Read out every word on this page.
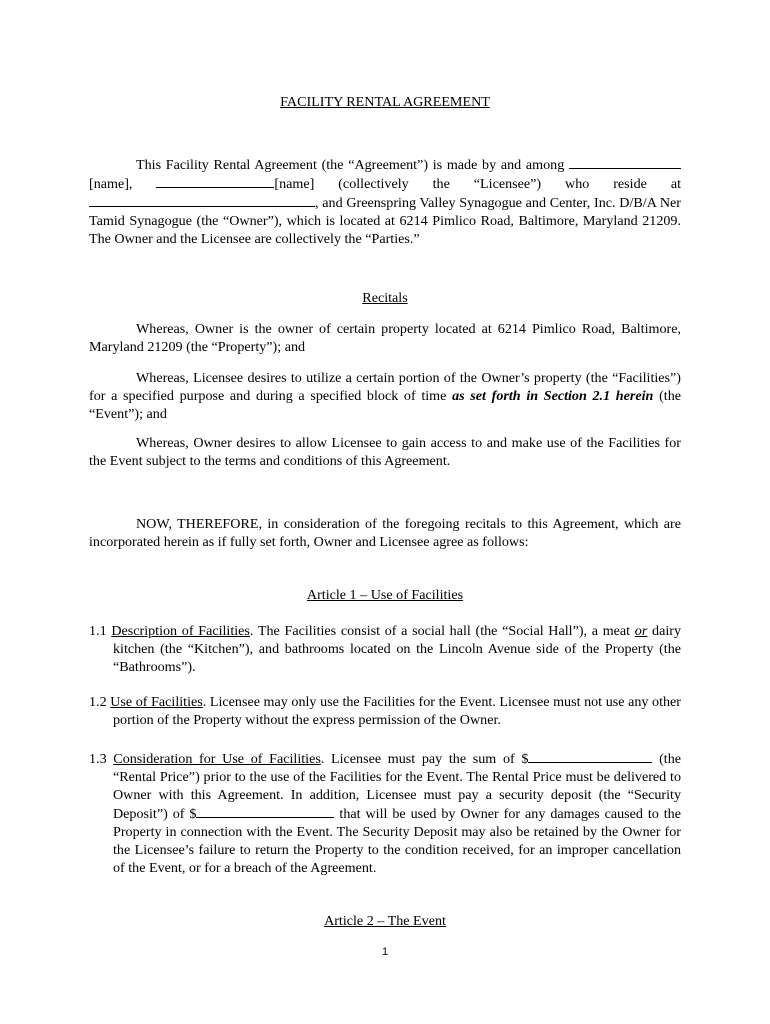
FACILITY RENTAL AGREEMENT

This Facility Rental Agreement (the “Agreement”) is made by and among [name],	[name] (collectively the “Licensee”) who reside at , and Greenspring Valley Synagogue and Center, Inc. D/B/A Ner Tamid Synagogue (the “Owner”), which is located at 6214 Pimlico Road, Baltimore, Maryland 21209. The Owner and the Licensee are collectively the “Parties.”

Recitals

Whereas, Owner is the owner of certain property located at 6214 Pimlico Road, Baltimore, Maryland 21209 (the “Property”); and

Whereas, Licensee desires to utilize a certain portion of the Owner’s property (the “Facilities”) for a specified purpose and during a specified block of time as set forth in Section 2.1 herein (the “Event”); and

Whereas, Owner desires to allow Licensee to gain access to and make use of the Facilities for the Event subject to the terms and conditions of this Agreement.

NOW, THEREFORE, in consideration of the foregoing recitals to this Agreement, which are incorporated herein as if fully set forth, Owner and Licensee agree as follows:

Article 1 – Use of Facilities

1.1 Description of Facilities. The Facilities consist of a social hall (the “Social Hall”), a meat or dairy kitchen (the “Kitchen”), and bathrooms located on the Lincoln Avenue side of the Property (the “Bathrooms”).

1.2 Use of Facilities. Licensee may only use the Facilities for the Event. Licensee must not use any other portion of the Property without the express permission of the Owner.

1.3 Consideration for Use of Facilities. Licensee must pay the sum of $	(the “Rental Price”) prior to the use of the Facilities for the Event. The Rental Price must be delivered to Owner with this Agreement. In addition, Licensee must pay a security deposit (the “Security Deposit”) of $	that will be used by Owner for any damages caused to the Property in connection with the Event. The Security Deposit may also be retained by the Owner for the Licensee’s failure to return the Property to the condition received, for an improper cancellation of the Event, or for a breach of the Agreement.

Article 2 – The Event
1
